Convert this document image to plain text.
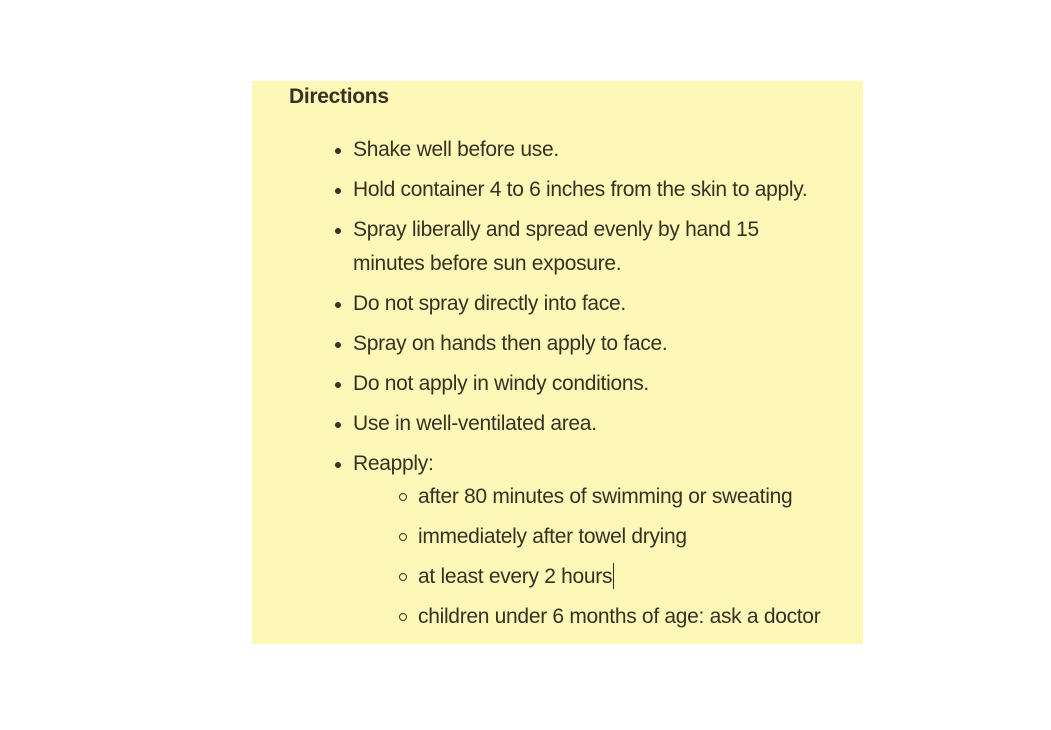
Directions
Shake well before use.
Hold container 4 to 6 inches from the skin to apply.
Spray liberally and spread evenly by hand 15 minutes before sun exposure.
Do not spray directly into face.
Spray on hands then apply to face.
Do not apply in windy conditions.
Use in well-ventilated area.
Reapply:
after 80 minutes of swimming or sweating
immediately after towel drying
at least every 2 hours
children under 6 months of age: ask a doctor
